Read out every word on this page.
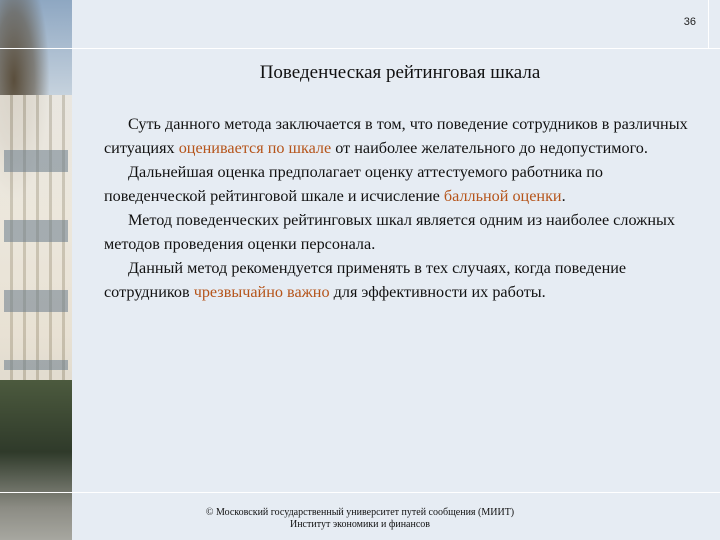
36
Поведенческая рейтинговая шкала

Суть данного метода заключается в том, что поведение сотрудников в различных ситуациях оценивается по шкале от наиболее желательного до недопустимого.

Дальнейшая оценка предполагает оценку аттестуемого работника по поведенческой рейтинговой шкале и исчисление балльной оценки.

Метод поведенческих рейтинговых шкал является одним из наиболее сложных методов проведения оценки персонала.

Данный метод рекомендуется применять в тех случаях, когда поведение сотрудников чрезвычайно важно для эффективности их работы.

© Московский государственный университет путей сообщения (МИИТ)
Институт экономики и финансов
